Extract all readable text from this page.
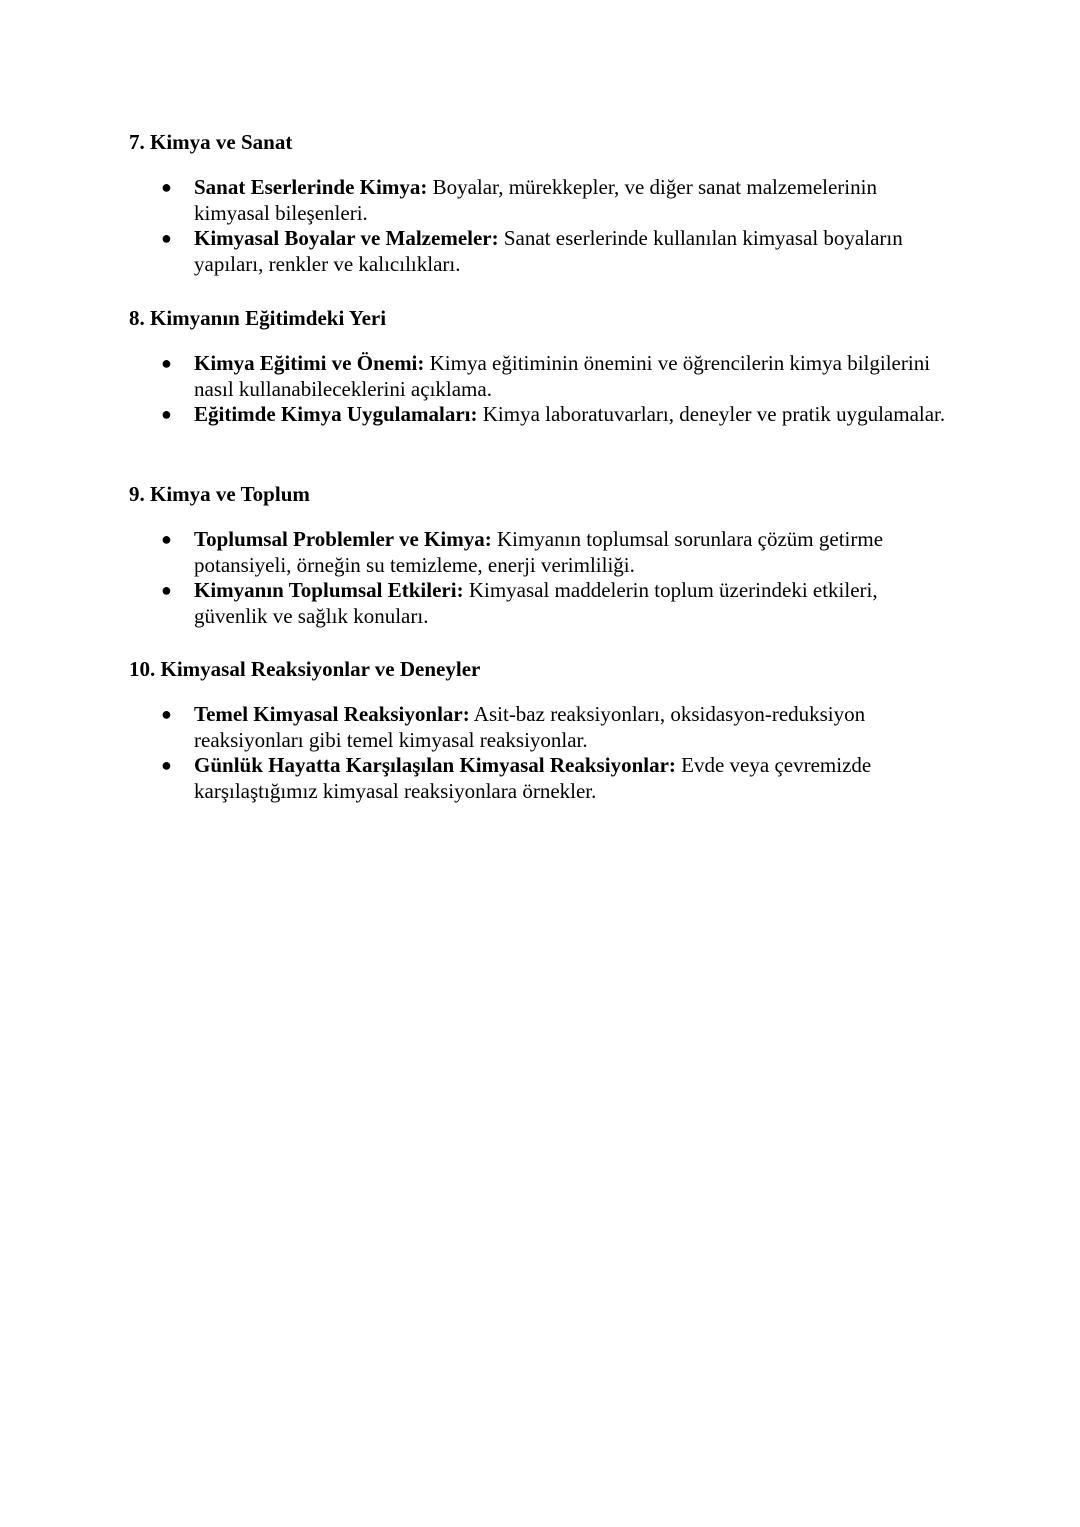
7. Kimya ve Sanat
● Sanat Eserlerinde Kimya: Boyalar, mürekkepler, ve diğer sanat malzemelerinin kimyasal bileşenleri.
● Kimyasal Boyalar ve Malzemeler: Sanat eserlerinde kullanılan kimyasal boyaların yapıları, renkler ve kalıcılıkları.
8. Kimyanın Eğitimdeki Yeri
● Kimya Eğitimi ve Önemi: Kimya eğitiminin önemini ve öğrencilerin kimya bilgilerini nasıl kullanabileceklerini açıklama.
● Eğitimde Kimya Uygulamaları: Kimya laboratuvarları, deneyler ve pratik uygulamalar.
9. Kimya ve Toplum
● Toplumsal Problemler ve Kimya: Kimyanın toplumsal sorunlara çözüm getirme potansiyeli, örneğin su temizleme, enerji verimliliği.
● Kimyanın Toplumsal Etkileri: Kimyasal maddelerin toplum üzerindeki etkileri, güvenlik ve sağlık konuları.
10. Kimyasal Reaksiyonlar ve Deneyler
● Temel Kimyasal Reaksiyonlar: Asit-baz reaksiyonları, oksidasyon-reduksiyon reaksiyonları gibi temel kimyasal reaksiyonlar.
● Günlük Hayatta Karşılaşılan Kimyasal Reaksiyonlar: Evde veya çevremizde karşılaştığımız kimyasal reaksiyonlara örnekler.
